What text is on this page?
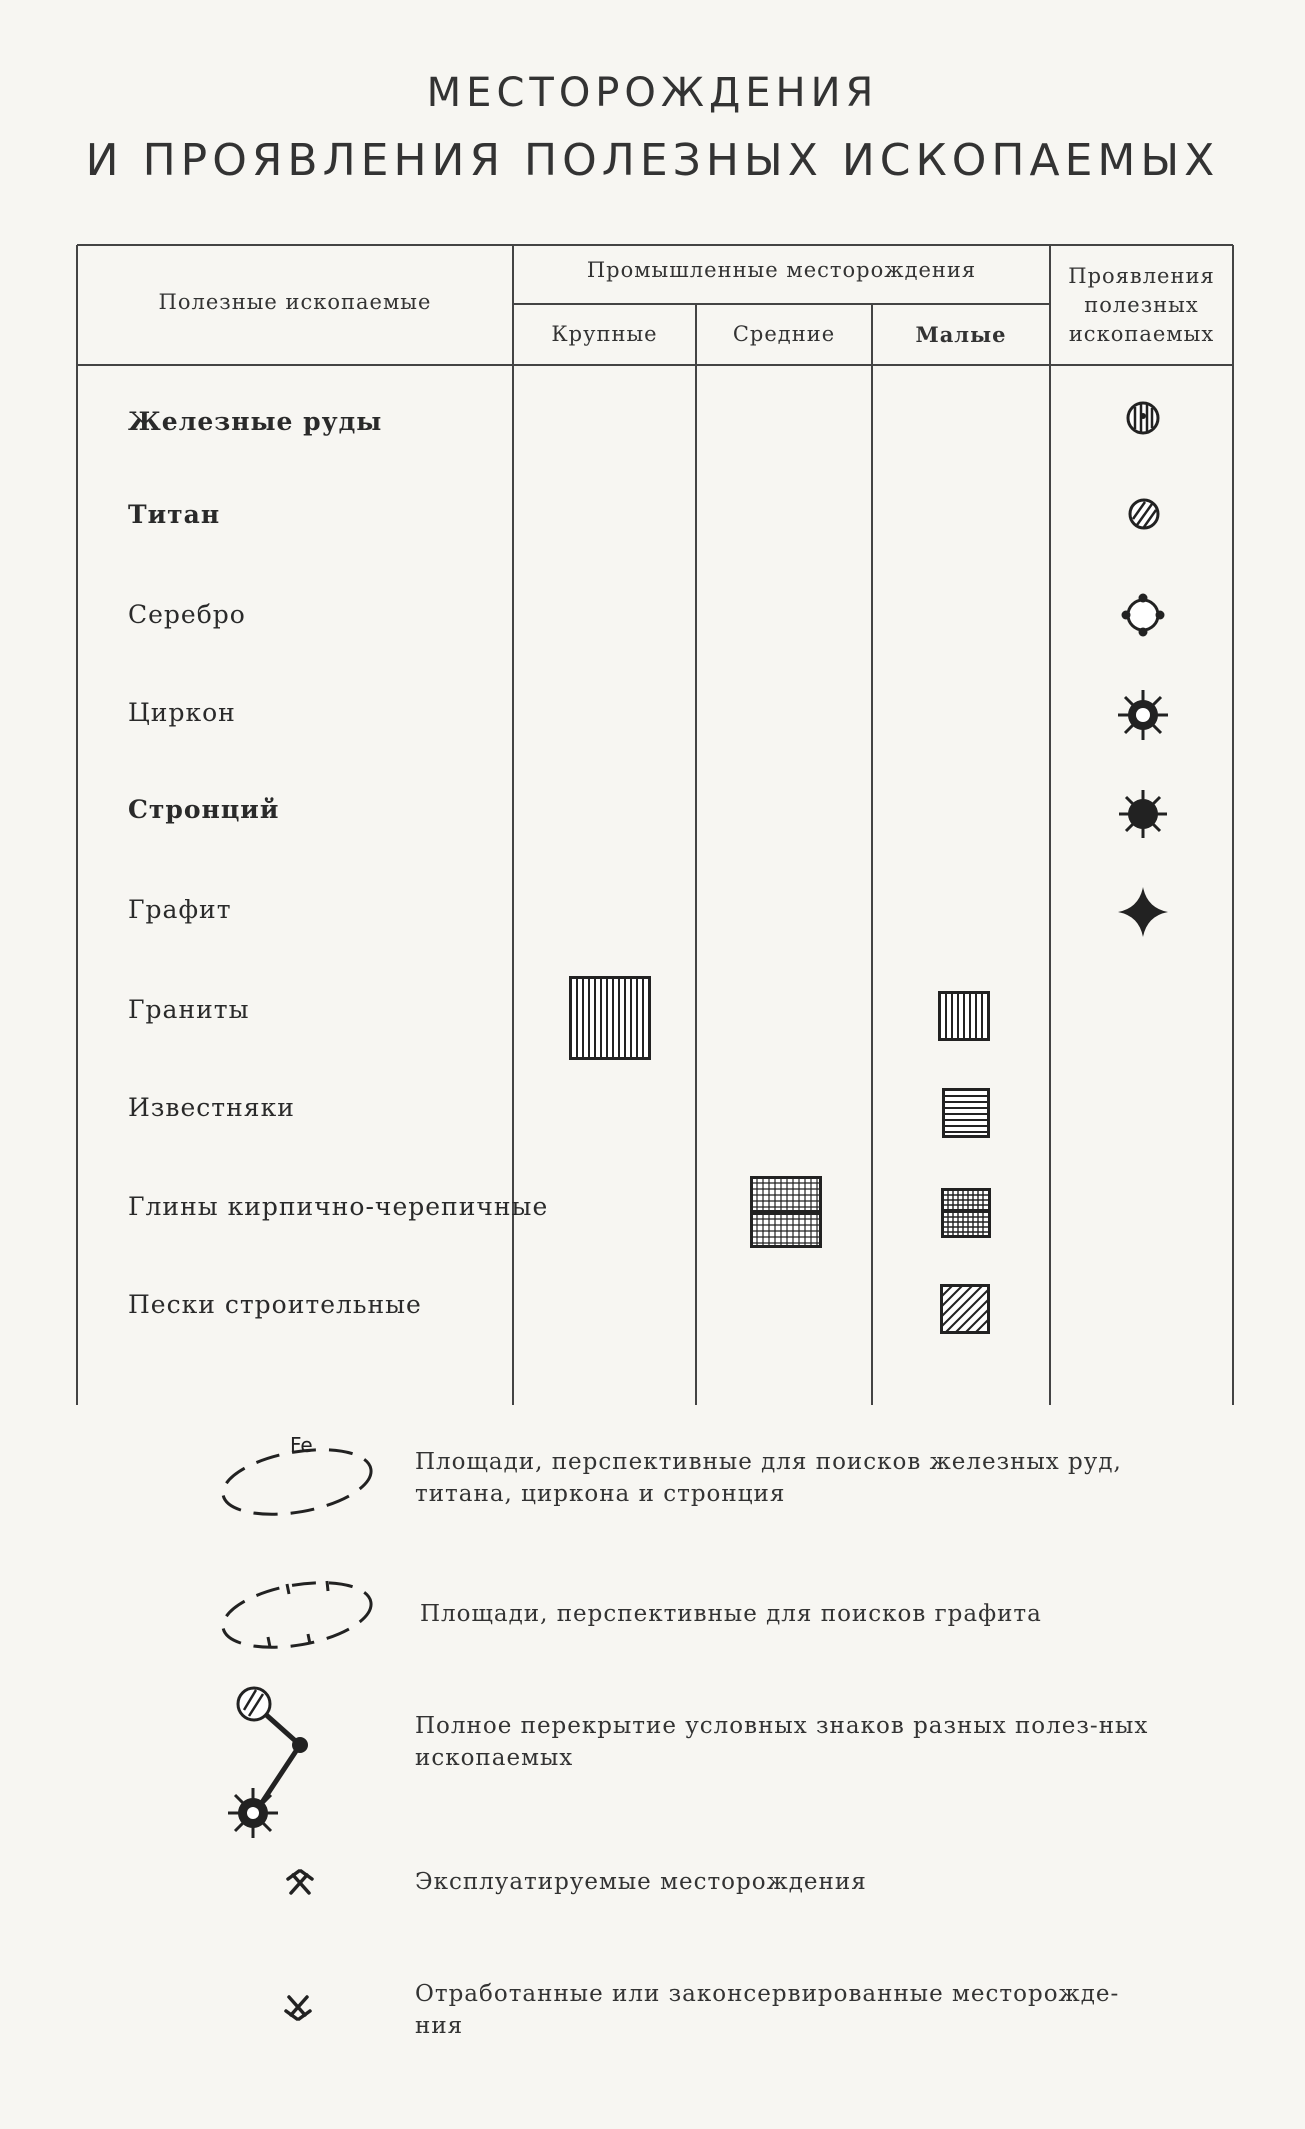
МЕСТОРОЖДЕНИЯ
И ПРОЯВЛЕНИЯ ПОЛЕЗНЫХ ИСКОПАЕМЫХ
Полезные ископаемые
Промышленные месторождения
Крупные	Средние	Малые
Проявления
полезных
ископаемых
Железные руды
Титан
Серебро
Циркон
Стронций
Графит
Граниты
Известняки
Глины кирпично-черепичные
Пески строительные
Fe
Площади, перспективные для поисков железных руд, титана, циркона и стронция
Площади, перспективные для поисков графита
Полное перекрытие условных знаков разных полез-ных ископаемых
Эксплуатируемые месторождения
Отработанные или законсервированные месторожде-ния
